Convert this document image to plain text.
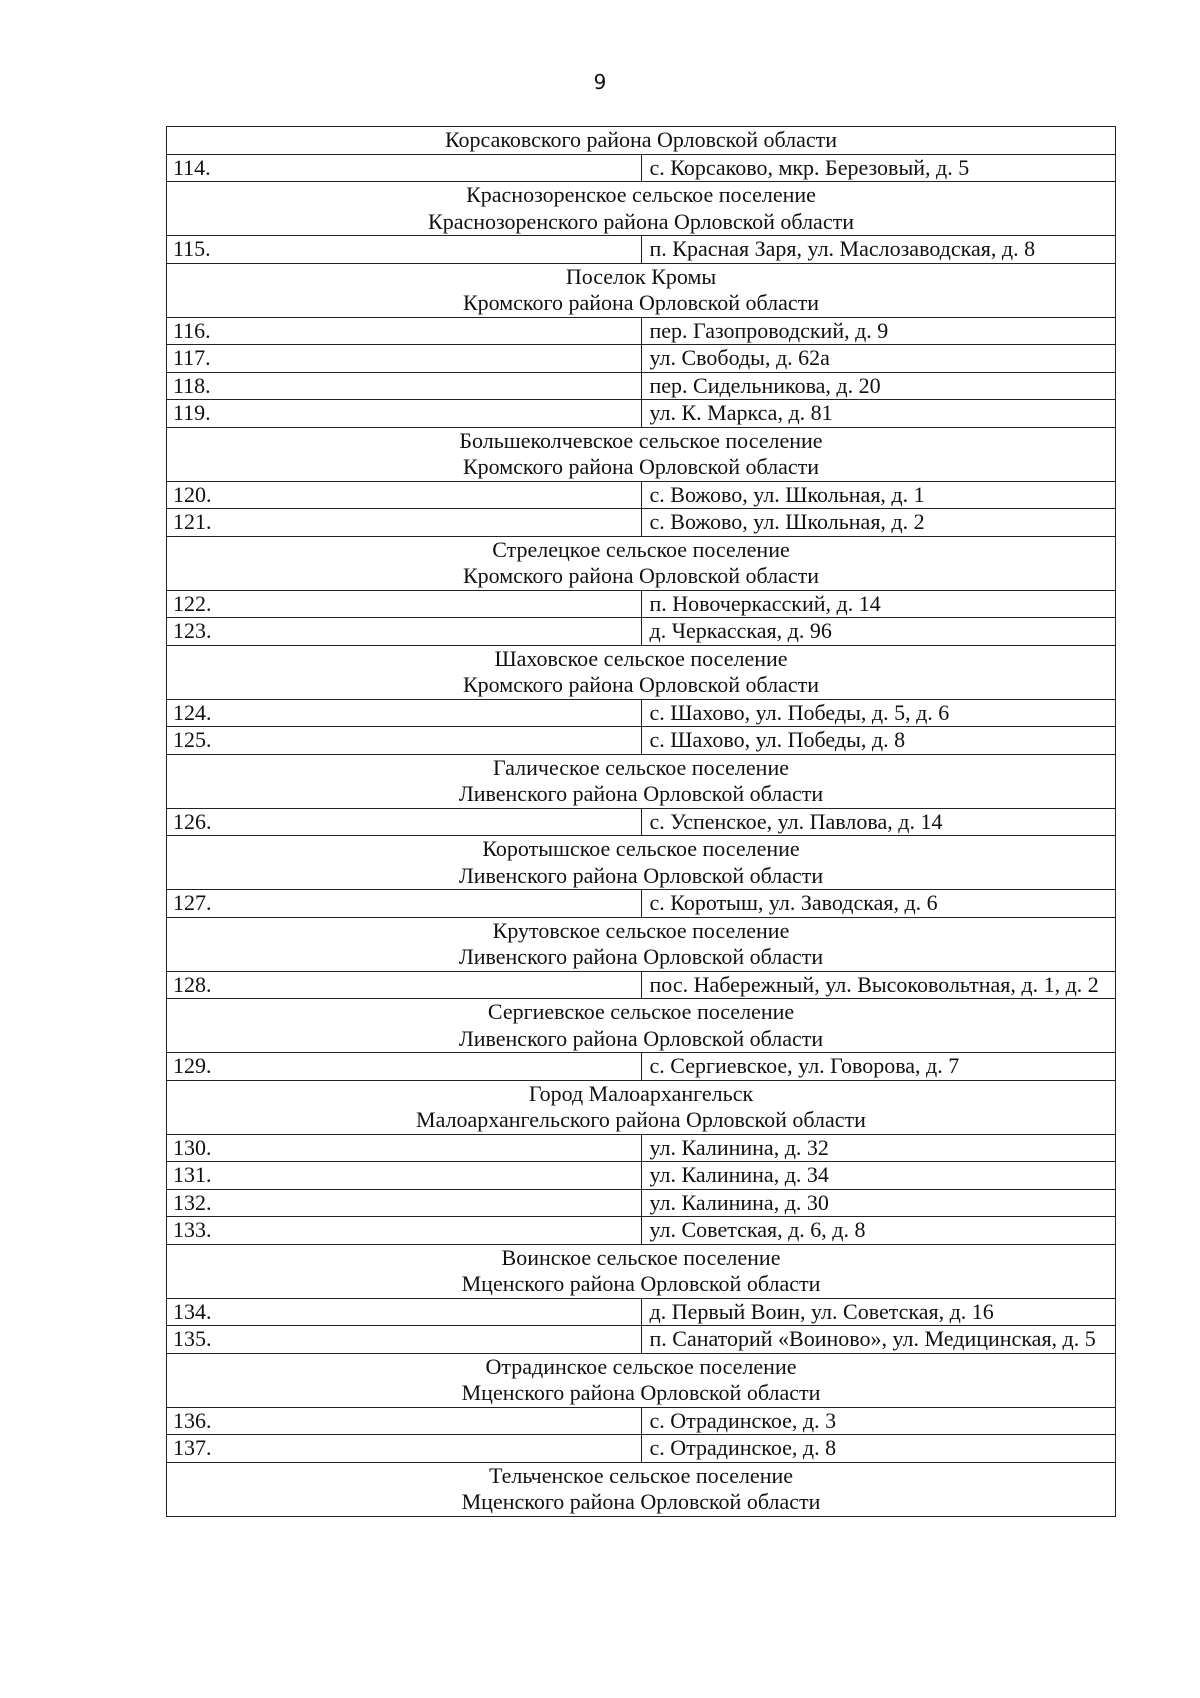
9
Корсаковского района Орловской области	

114.	с. Корсаково, мкр. Березовый, д. 5

Краснозоренское сельское поселение
Краснозоренского района Орловской области	

115.	п. Красная Заря, ул. Маслозаводская, д. 8

Поселок Кромы
Кромского района Орловской области	

116.	пер. Газопроводский, д. 9
117.	ул. Свободы, д. 62а
118.	пер. Сидельникова, д. 20
119.	ул. К. Маркса, д. 81

Большеколчевское сельское поселение
Кромского района Орловской области	

120.	с. Вожово, ул. Школьная, д. 1
121.	с. Вожово, ул. Школьная, д. 2

Стрелецкое сельское поселение
Кромского района Орловской области	

122.	п. Новочеркасский, д. 14
123.	д. Черкасская, д. 96

Шаховское сельское поселение
Кромского района Орловской области	

124.	с. Шахово, ул. Победы, д. 5, д. 6
125.	с. Шахово, ул. Победы, д. 8

Галическое сельское поселение
Ливенского района Орловской области	

126.	с. Успенское, ул. Павлова, д. 14

Коротышское сельское поселение
Ливенского района Орловской области	

127.	с. Коротыш, ул. Заводская, д. 6

Крутовское сельское поселение
Ливенского района Орловской области	

128.	пос. Набережный, ул. Высоковольтная, д. 1, д. 2

Сергиевское сельское поселение
Ливенского района Орловской области	

129.	с. Сергиевское, ул. Говорова, д. 7

Город Малоархангельск
Малоархангельского района Орловской области	

130.	ул. Калинина, д. 32
131.	ул. Калинина, д. 34
132.	ул. Калинина, д. 30
133.	ул. Советская, д. 6, д. 8

Воинское сельское поселение
Мценского района Орловской области	

134.	д. Первый Воин, ул. Советская, д. 16
135.	п. Санаторий «Воиново», ул. Медицинская, д. 5

Отрадинское сельское поселение
Мценского района Орловской области	

136.	с. Отрадинское, д. 3
137.	с. Отрадинское, д. 8

Тельченское сельское поселение
Мценского района Орловской области	
